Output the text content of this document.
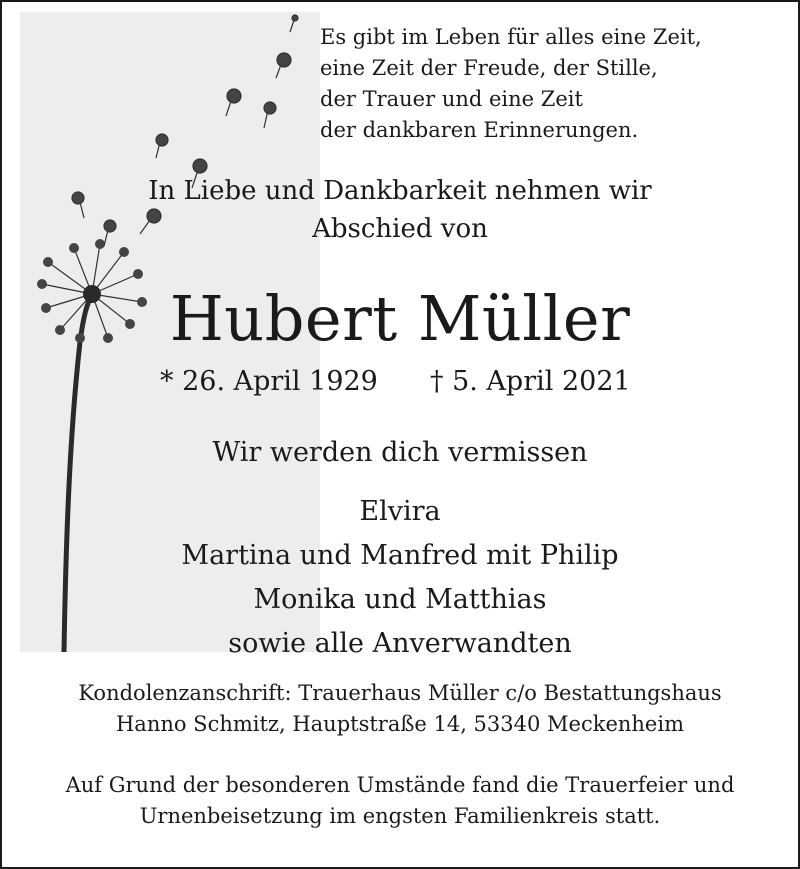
Es gibt im Leben für alles eine Zeit,
eine Zeit der Freude, der Stille,
der Trauer und eine Zeit
der dankbaren Erinnerungen.
In Liebe und Dankbarkeit nehmen wir
Abschied von
Hubert Müller
* 26. April 1929 † 5. April 2021
Wir werden dich vermissen
Elvira
Martina und Manfred mit Philip
Monika und Matthias
sowie alle Anverwandten
Kondolenzanschrift: Trauerhaus Müller c/o Bestattungshaus
Hanno Schmitz, Hauptstraße 14, 53340 Meckenheim
Auf Grund der besonderen Umstände fand die Trauerfeier und
Urnenbeisetzung im engsten Familienkreis statt.
